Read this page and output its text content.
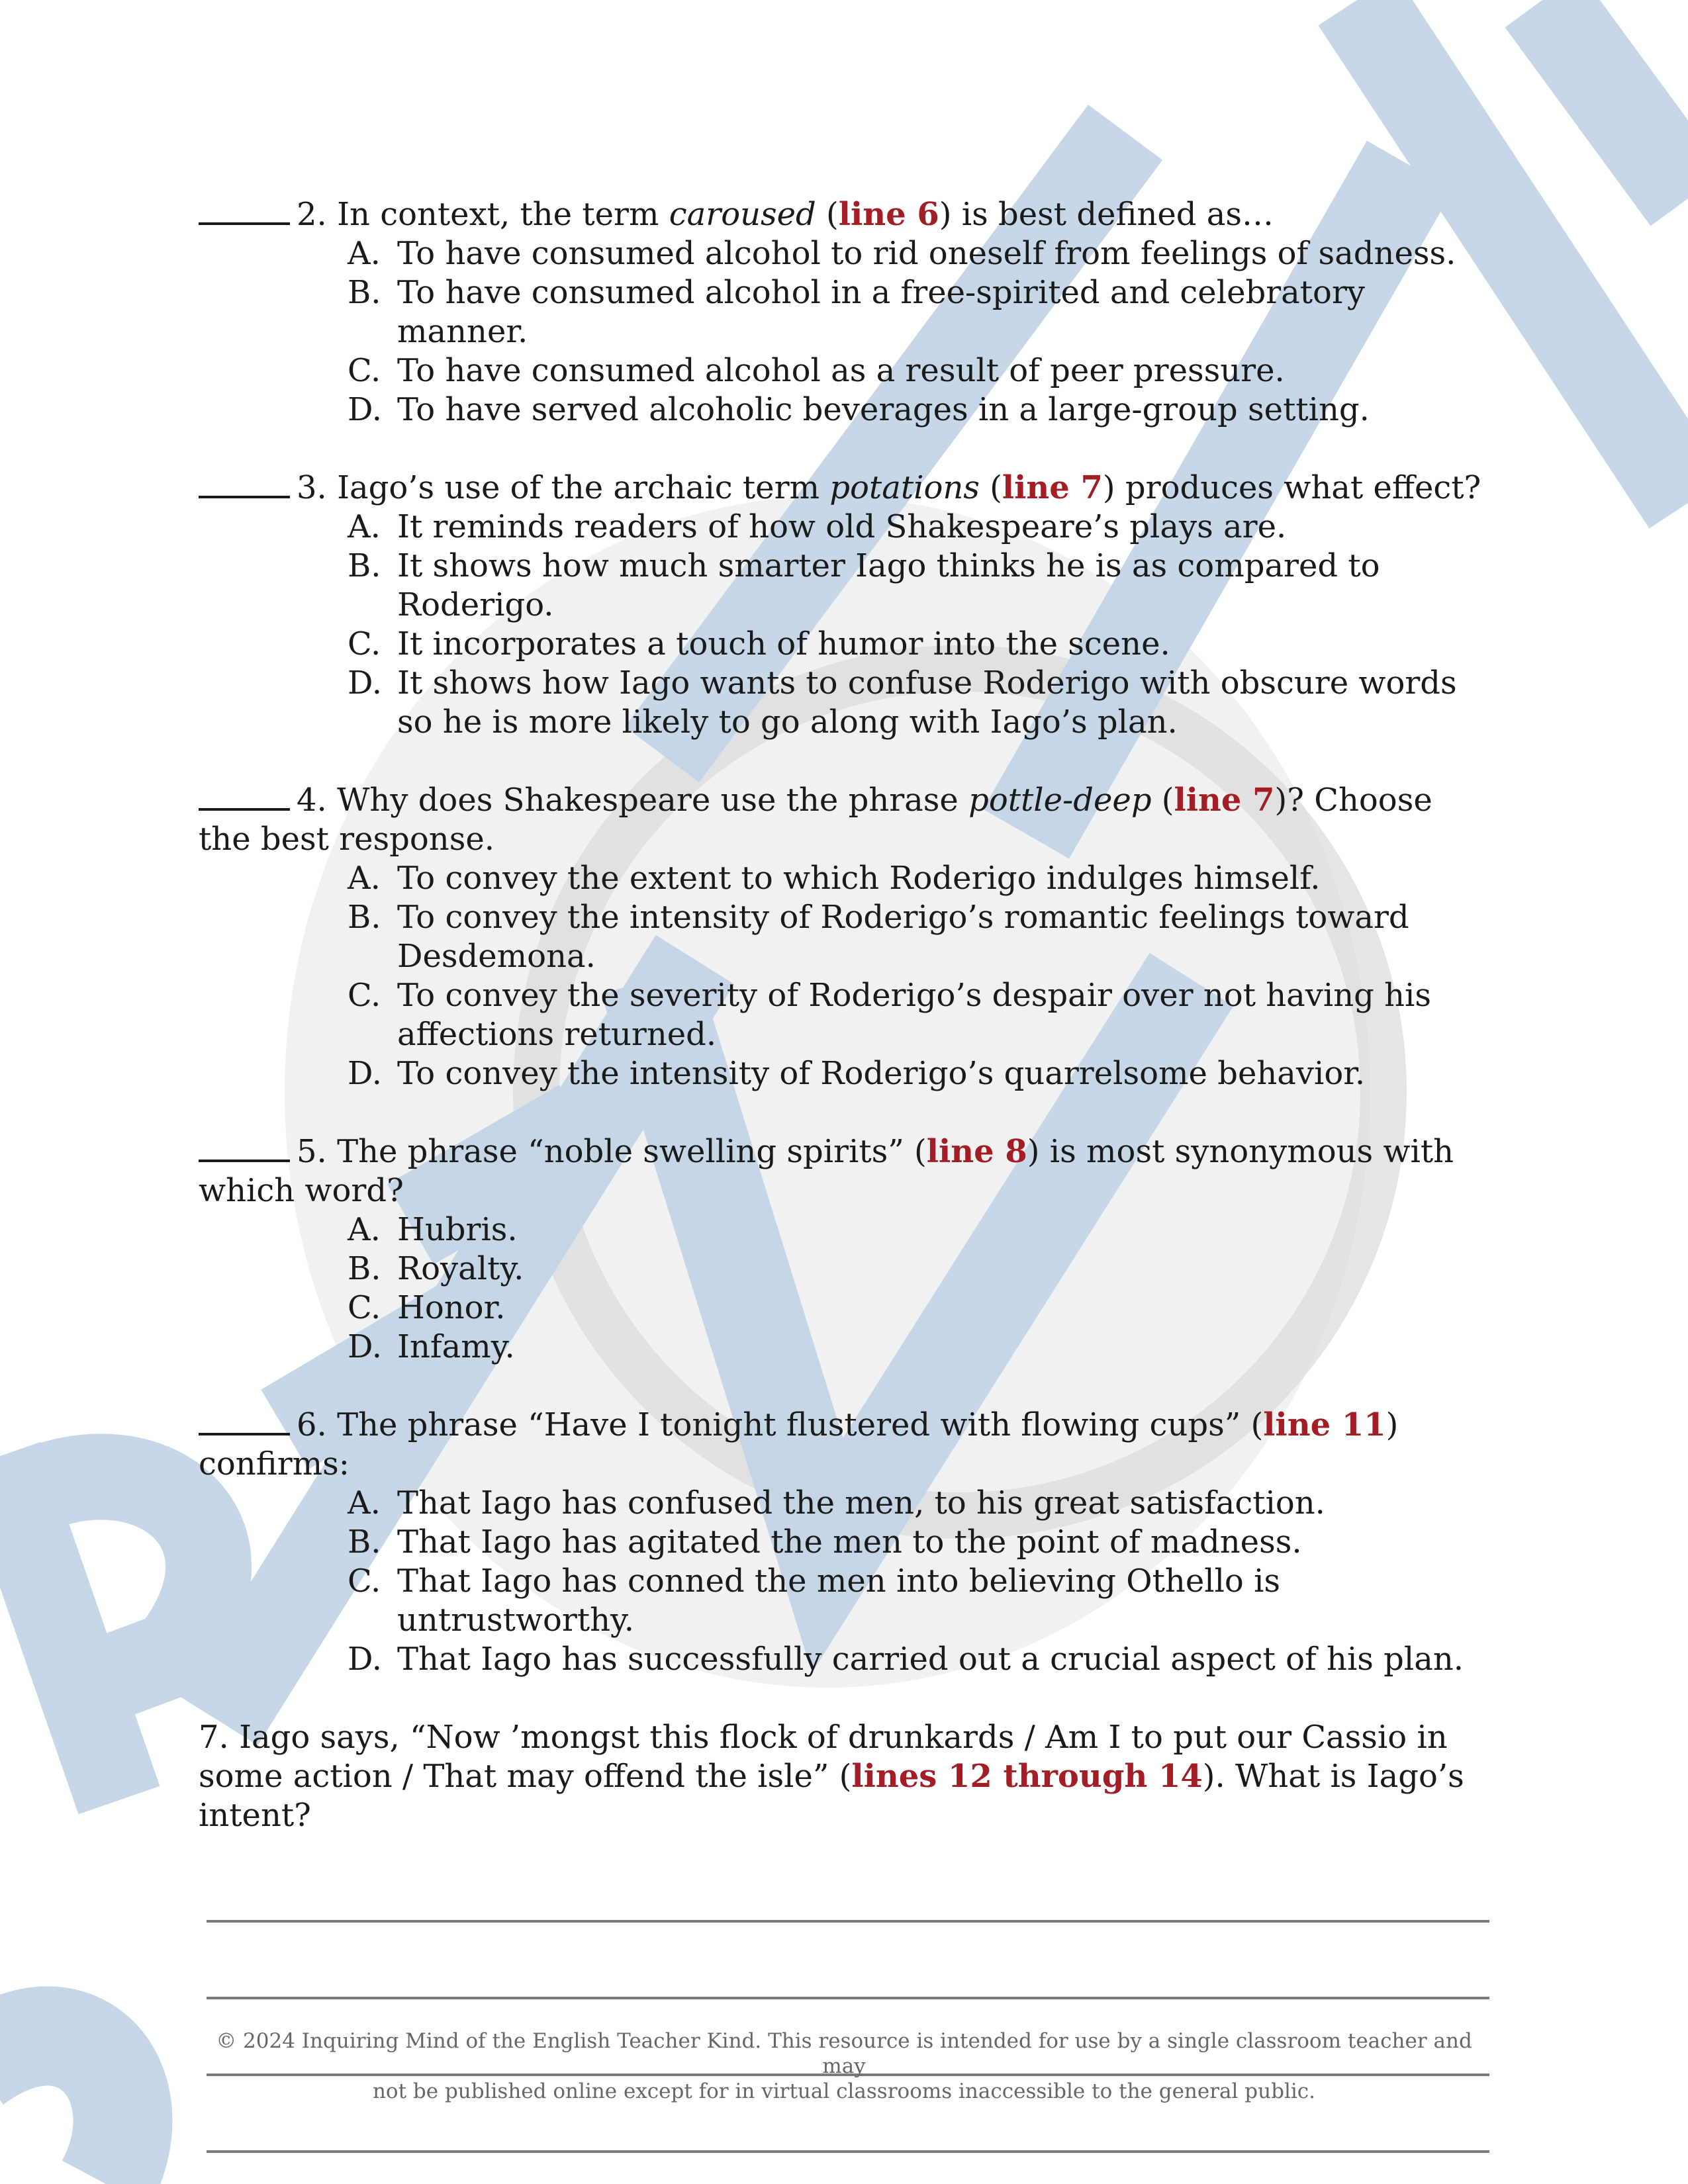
2. In context, the term caroused (line 6) is best defined as…

A. To have consumed alcohol to rid oneself from feelings of sadness.
B. To have consumed alcohol in a free-spirited and celebratory manner.
C. To have consumed alcohol as a result of peer pressure.
D. To have served alcoholic beverages in a large-group setting.

3. Iago’s use of the archaic term potations (line 7) produces what effect?

A. It reminds readers of how old Shakespeare’s plays are.
B. It shows how much smarter Iago thinks he is as compared to Roderigo.
C. It incorporates a touch of humor into the scene.
D. It shows how Iago wants to confuse Roderigo with obscure words so he is more likely to go along with Iago’s plan.

4. Why does Shakespeare use the phrase pottle-deep (line 7)? Choose the best response.

A. To convey the extent to which Roderigo indulges himself.
B. To convey the intensity of Roderigo’s romantic feelings toward Desdemona.
C. To convey the severity of Roderigo’s despair over not having his affections returned.
D. To convey the intensity of Roderigo’s quarrelsome behavior.

5. The phrase “noble swelling spirits” (line 8) is most synonymous with which word?

A. Hubris.
B. Royalty.
C. Honor.
D. Infamy.

6. The phrase “Have I tonight flustered with flowing cups” (line 11) confirms:

A. That Iago has confused the men, to his great satisfaction.
B. That Iago has agitated the men to the point of madness.
C. That Iago has conned the men into believing Othello is untrustworthy.
D. That Iago has successfully carried out a crucial aspect of his plan.

7. Iago says, “Now ’mongst this flock of drunkards / Am I to put our Cassio in some action / That may offend the isle” (lines 12 through 14). What is Iago’s intent?

© 2024 Inquiring Mind of the English Teacher Kind. This resource is intended for use by a single classroom teacher and may
not be published online except for in virtual classrooms inaccessible to the general public.
